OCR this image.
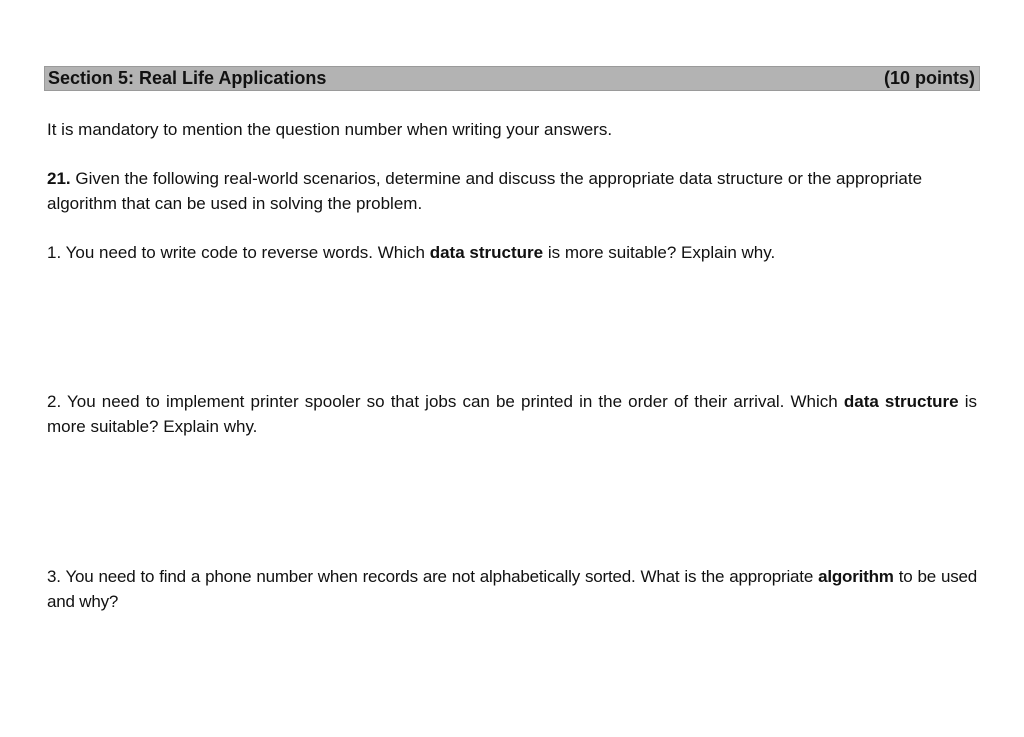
Section 5: Real Life Applications	(10 points)
It is mandatory to mention the question number when writing your answers.
21. Given the following real-world scenarios, determine and discuss the appropriate data structure or the appropriate algorithm that can be used in solving the problem.
1. You need to write code to reverse words. Which data structure is more suitable? Explain why.
2. You need to implement printer spooler so that jobs can be printed in the order of their arrival. Which data structure is more suitable? Explain why.
3. You need to find a phone number when records are not alphabetically sorted. What is the appropriate algorithm to be used and why?
